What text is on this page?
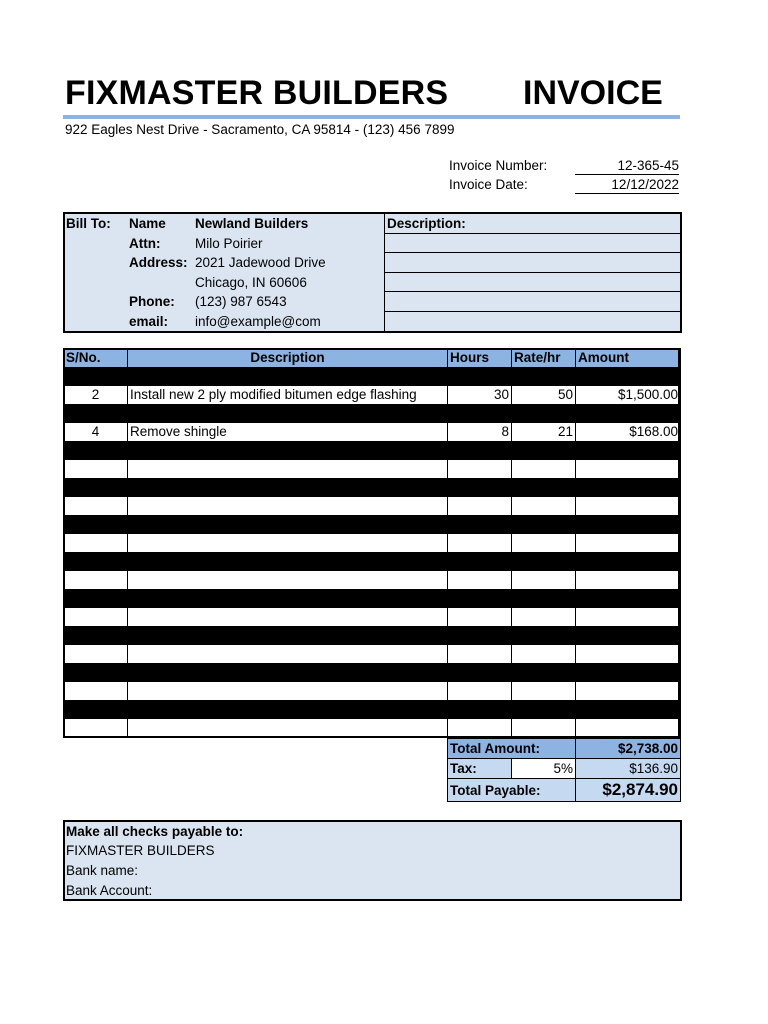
FIXMASTER BUILDERS INVOICE
922 Eagles Nest Drive - Sacramento, CA 95814 - (123) 456 7899
Invoice Number:	12-365-45
Invoice Date:	12/12/2022
Bill To: Name Newland Builders
Attn:	Milo Poirier
Address: 2021 Jadewood Drive
Chicago, IN 60606
Phone: (123) 987 6543
email: info@example@com
Description:
S/No.	Description	Hours	Rate/hr	Amount

2	Install new 2 ply modified bitumen edge flashing	30	50	$1,500.00

4	Remove shingle	8	21	$168.00

Total Amount:		$2,738.00
Tax:	5%	$136.90
Total Payable:		$2,874.90
Make all checks payable to:
FIXMASTER BUILDERS
Bank name:
Bank Account:
